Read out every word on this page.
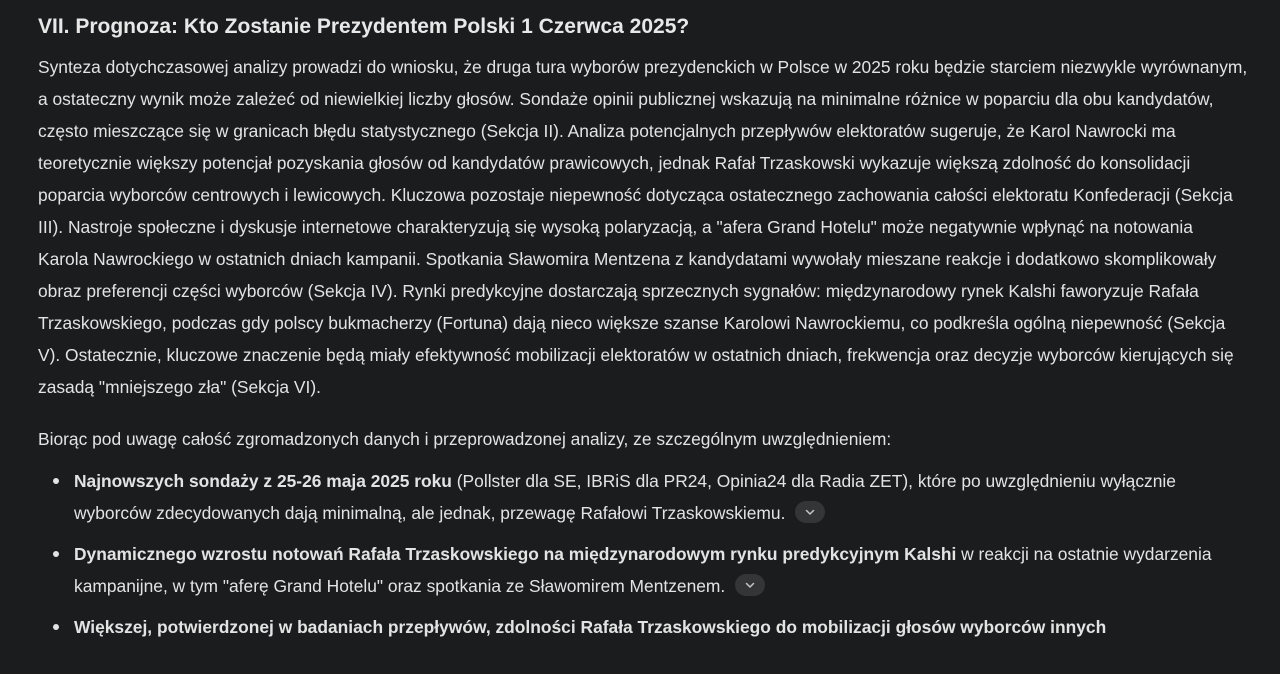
VII. Prognoza: Kto Zostanie Prezydentem Polski 1 Czerwca 2025?

Synteza dotychczasowej analizy prowadzi do wniosku, że druga tura wyborów prezydenckich w Polsce w 2025 roku będzie starciem niezwykle wyrównanym, a ostateczny wynik może zależeć od niewielkiej liczby głosów. Sondaże opinii publicznej wskazują na minimalne różnice w poparciu dla obu kandydatów, często mieszczące się w granicach błędu statystycznego (Sekcja II). Analiza potencjalnych przepływów elektoratów sugeruje, że Karol Nawrocki ma teoretycznie większy potencjał pozyskania głosów od kandydatów prawicowych, jednak Rafał Trzaskowski wykazuje większą zdolność do konsolidacji poparcia wyborców centrowych i lewicowych. Kluczowa pozostaje niepewność dotycząca ostatecznego zachowania całości elektoratu Konfederacji (Sekcja III). Nastroje społeczne i dyskusje internetowe charakteryzują się wysoką polaryzacją, a "afera Grand Hotelu" może negatywnie wpłynąć na notowania Karola Nawrockiego w ostatnich dniach kampanii. Spotkania Sławomira Mentzena z kandydatami wywołały mieszane reakcje i dodatkowo skomplikowały obraz preferencji części wyborców (Sekcja IV). Rynki predykcyjne dostarczają sprzecznych sygnałów: międzynarodowy rynek Kalshi faworyzuje Rafała Trzaskowskiego, podczas gdy polscy bukmacherzy (Fortuna) dają nieco większe szanse Karolowi Nawrockiemu, co podkreśla ogólną niepewność (Sekcja V). Ostatecznie, kluczowe znaczenie będą miały efektywność mobilizacji elektoratów w ostatnich dniach, frekwencja oraz decyzje wyborców kierujących się zasadą "mniejszego zła" (Sekcja VI).

Biorąc pod uwagę całość zgromadzonych danych i przeprowadzonej analizy, ze szczególnym uwzględnieniem:

Najnowszych sondaży z 25-26 maja 2025 roku (Pollster dla SE, IBRiS dla PR24, Opinia24 dla Radia ZET), które po uwzględnieniu wyłącznie wyborców zdecydowanych dają minimalną, ale jednak, przewagę Rafałowi Trzaskowskiemu.
Dynamicznego wzrostu notowań Rafała Trzaskowskiego na międzynarodowym rynku predykcyjnym Kalshi w reakcji na ostatnie wydarzenia kampanijne, w tym "aferę Grand Hotelu" oraz spotkania ze Sławomirem Mentzenem.
Większej, potwierdzonej w badaniach przepływów, zdolności Rafała Trzaskowskiego do mobilizacji głosów wyborców innych
